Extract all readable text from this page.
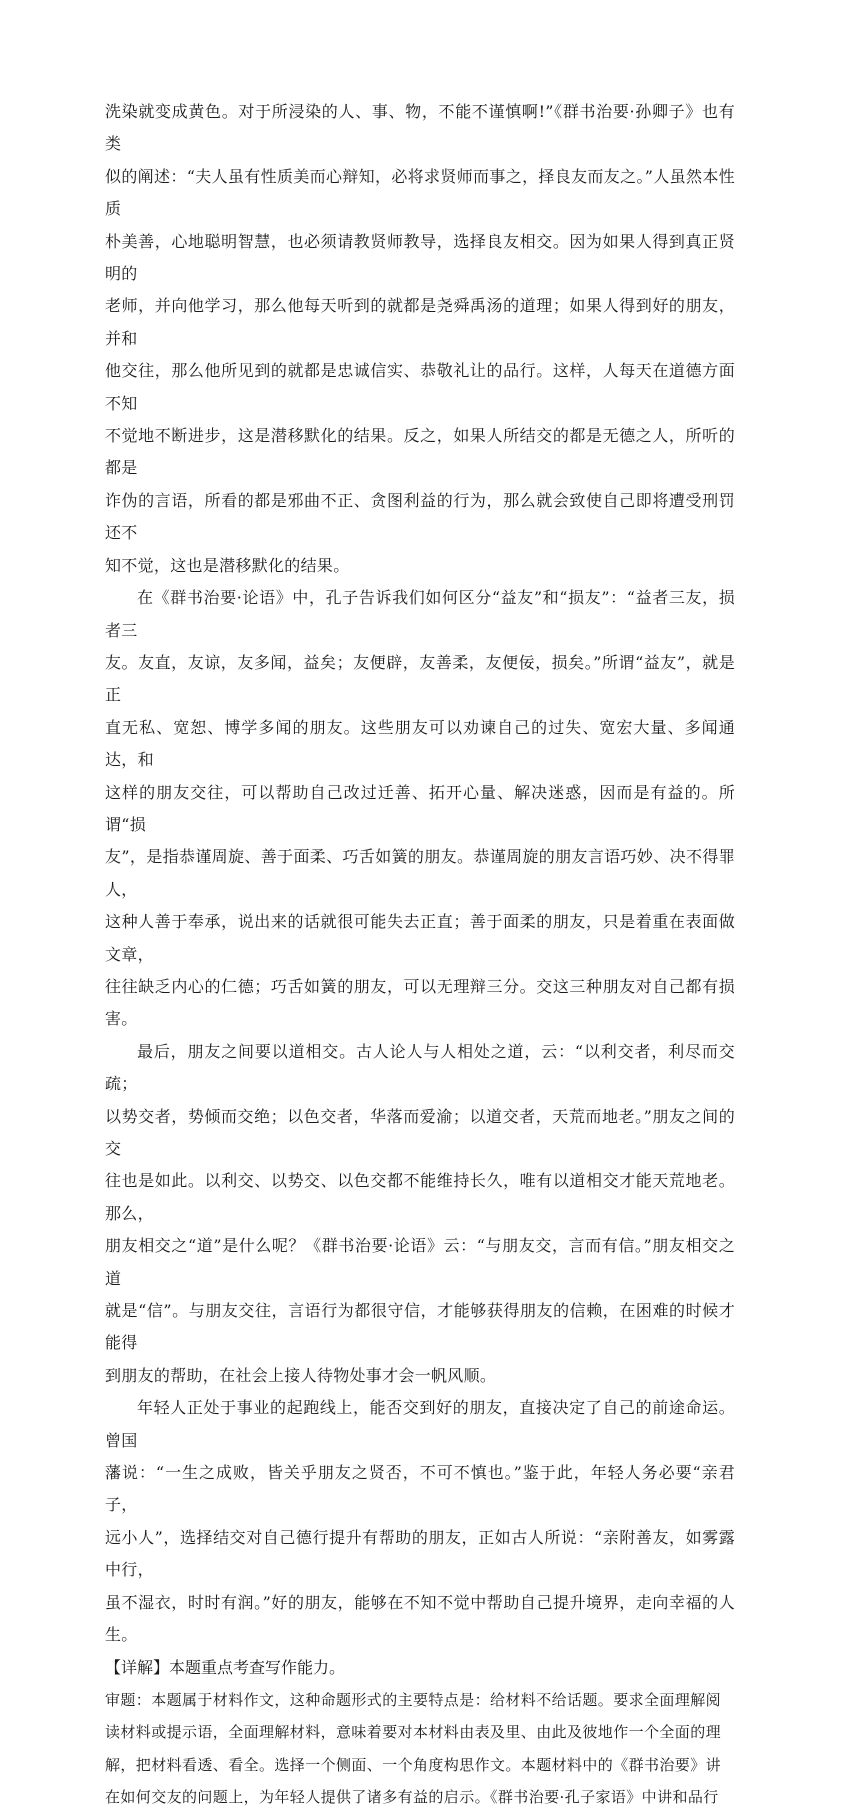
洗染就变成黄色。对于所浸染的人、事、物，不能不谨慎啊!”《群书治要·孙卿子》也有类
似的阐述：“夫人虽有性质美而心辩知，必将求贤师而事之，择良友而友之。”人虽然本性质
朴美善，心地聪明智慧，也必须请教贤师教导，选择良友相交。因为如果人得到真正贤明的
老师，并向他学习，那么他每天听到的就都是尧舜禹汤的道理；如果人得到好的朋友，并和
他交往，那么他所见到的就都是忠诚信实、恭敬礼让的品行。这样，人每天在道德方面不知
不觉地不断进步，这是潜移默化的结果。反之，如果人所结交的都是无德之人，所听的都是
诈伪的言语，所看的都是邪曲不正、贪图利益的行为，那么就会致使自己即将遭受刑罚还不
知不觉，这也是潜移默化的结果。

在《群书治要·论语》中，孔子告诉我们如何区分“益友”和“损友”：“益者三友，损者三
友。友直，友谅，友多闻，益矣；友便辟，友善柔，友便佞，损矣。”所谓“益友”，就是正
直无私、宽恕、博学多闻的朋友。这些朋友可以劝谏自己的过失、宽宏大量、多闻通达，和
这样的朋友交往，可以帮助自己改过迁善、拓开心量、解决迷惑，因而是有益的。所谓“损
友”，是指恭谨周旋、善于面柔、巧舌如簧的朋友。恭谨周旋的朋友言语巧妙、决不得罪人，
这种人善于奉承，说出来的话就很可能失去正直；善于面柔的朋友，只是着重在表面做文章，
往往缺乏内心的仁德；巧舌如簧的朋友，可以无理辩三分。交这三种朋友对自己都有损害。

最后，朋友之间要以道相交。古人论人与人相处之道，云：“以利交者，利尽而交疏；
以势交者，势倾而交绝；以色交者，华落而爱渝；以道交者，天荒而地老。”朋友之间的交
往也是如此。以利交、以势交、以色交都不能维持长久，唯有以道相交才能天荒地老。那么，
朋友相交之“道”是什么呢？《群书治要·论语》云：“与朋友交，言而有信。”朋友相交之道
就是“信”。与朋友交往，言语行为都很守信，才能够获得朋友的信赖，在困难的时候才能得
到朋友的帮助，在社会上接人待物处事才会一帆风顺。

年轻人正处于事业的起跑线上，能否交到好的朋友，直接决定了自己的前途命运。曾国
藩说：“一生之成败，皆关乎朋友之贤否，不可不慎也。”鉴于此，年轻人务必要“亲君子，
远小人”，选择结交对自己德行提升有帮助的朋友，正如古人所说：“亲附善友，如雾露中行，
虽不湿衣，时时有润。”好的朋友，能够在不知不觉中帮助自己提升境界，走向幸福的人生。

【详解】本题重点考查写作能力。

审题：本题属于材料作文，这种命题形式的主要特点是：给材料不给话题。要求全面理解阅
读材料或提示语，全面理解材料，意味着要对本材料由表及里、由此及彼地作一个全面的理
解，把材料看透、看全。选择一个侧面、一个角度构思作文。本题材料中的《群书治要》讲
在如何交友的问题上，为年轻人提供了诸多有益的启示。《群书治要·孔子家语》中讲和品行
